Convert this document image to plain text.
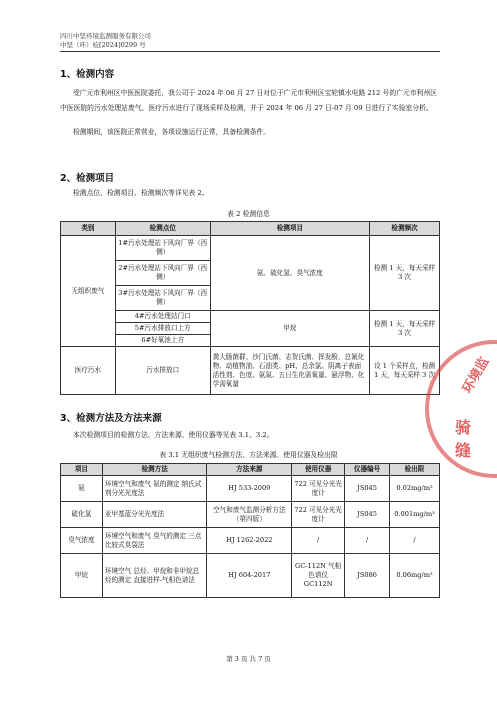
四川中坚环境监测服务有限公司
中坚（环）检[2024]0299 号
1、检测内容

受广元市利州区中医医院委托，我公司于 2024 年 06 月 27 日对位于广元市利州区宝轮镇水电路 212 号的广元市利州区中医医院的污水处理站废气、医疗污水进行了现场采样及检测，并于 2024 年 06 月 27 日-07 月 09 日进行了实验室分析。

检测期间，该医院正常营业，各项设施运行正常，具备检测条件。

2、检测项目
检测点位、检测项目、检测频次等详见表 2。
表 2 检测信息
类别	检测点位	检测项目	检测频次
无组织废气	1#污水处理站下风向厂界（西侧）	氨、硫化氢、臭气浓度	检测 1 天，每天采样 3 次
	2#污水处理站下风向厂界（西侧）		
	3#污水处理站下风向厂界（西侧）		
	4#污水处理站门口	甲烷	检测 1 天，每天采样 3 次
	5#污水排放口上方		
	6#好氧池上方		
医疗污水	污水排放口	粪大肠菌群、沙门氏菌、志贺氏菌、挥发酚、总氰化物、动植物油、石油类、pH、总余氯、阴离子表面活性剂、色度、氨氮、五日生化需氧量、悬浮物、化学需氧量	设 1 个采样点，检测 1 天，每天采样 3 次
3、检测方法及方法来源
本次检测项目的检测方法、方法来源、使用仪器等见表 3.1、3.2。
表 3.1 无组织废气检测方法、方法来源、使用仪器及检出限
项目	检测方法	方法来源	使用仪器	仪器编号	检出限
氨	环境空气和废气 氨的测定 纳氏试剂分光光度法	HJ 533-2009	722 可见分光光度计	JS045	0.02mg/m³
硫化氢	亚甲基蓝分光光度法	空气和废气监测分析方法（第四版）	722 可见分光光度计	JS045	0.001mg/m³
臭气浓度	环境空气和废气 臭气的测定 三点比较式臭袋法	HJ 1262-2022	/	/	/
甲烷	环境空气 总烃、甲烷和非甲烷总烃的测定 直接进样-气相色谱法	HJ 604-2017	GC-112N 气相色谱仪 GC112N	JS086	0.06mg/m³
环境监
骑 缝
第 3 页 共 7 页
